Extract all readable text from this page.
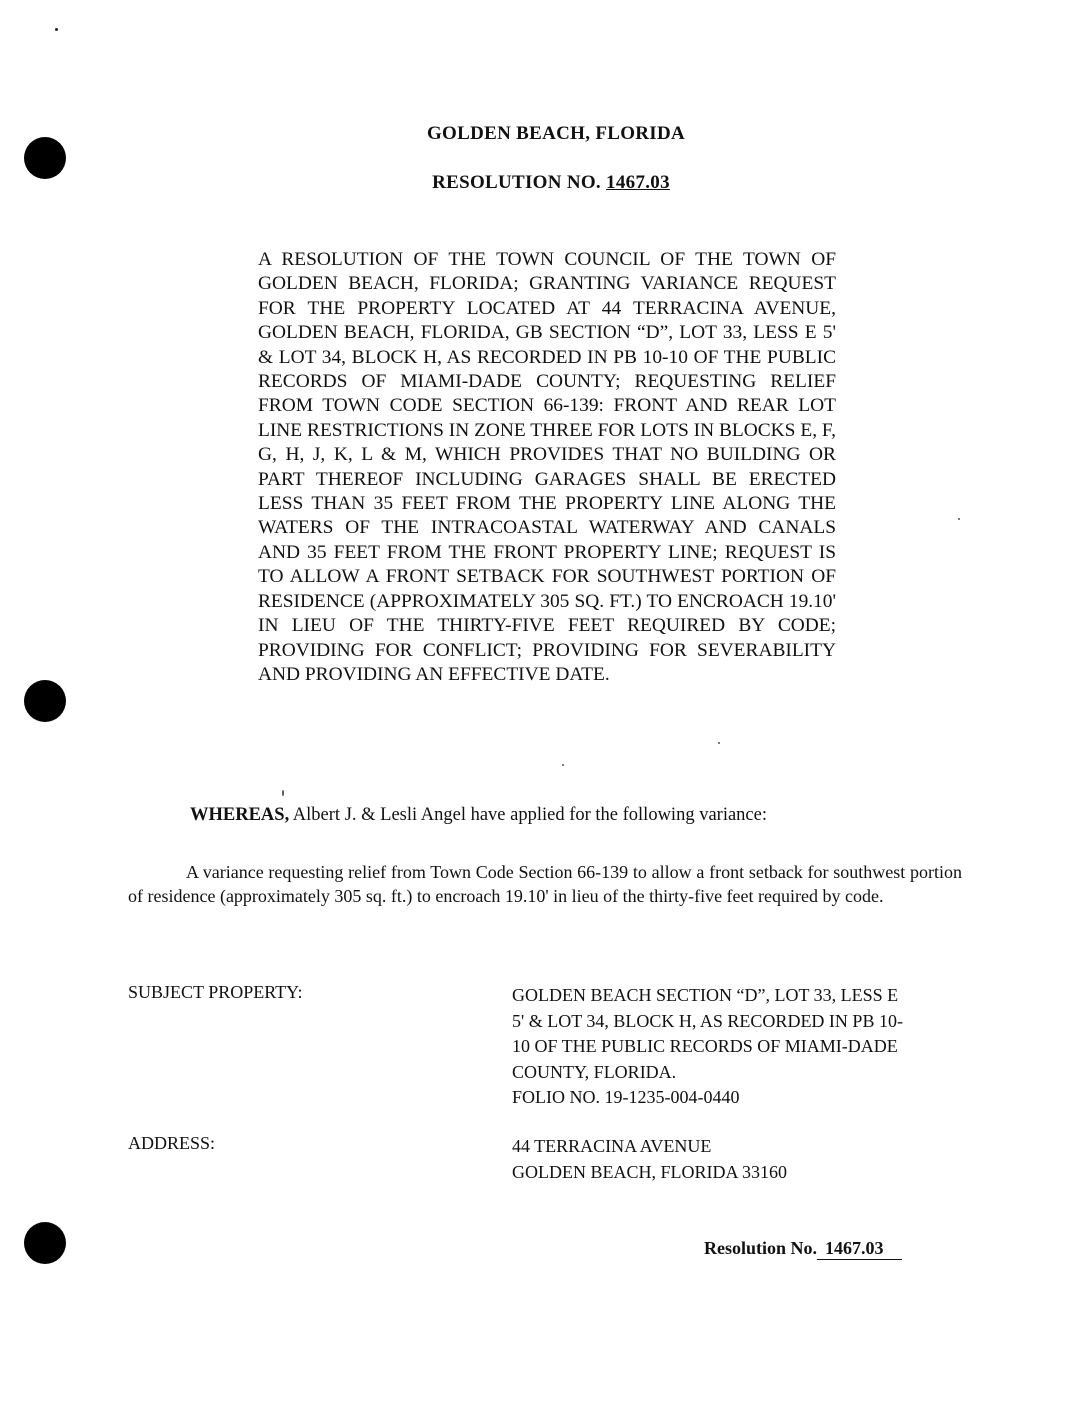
GOLDEN BEACH, FLORIDA
RESOLUTION NO. 1467.03
A RESOLUTION OF THE TOWN COUNCIL OF THE TOWN OF GOLDEN BEACH, FLORIDA; GRANTING VARIANCE REQUEST FOR THE PROPERTY LOCATED AT 44 TERRACINA AVENUE, GOLDEN BEACH, FLORIDA, GB SECTION “D”, LOT 33, LESS E 5' & LOT 34, BLOCK H, AS RECORDED IN PB 10-10 OF THE PUBLIC RECORDS OF MIAMI-DADE COUNTY; REQUESTING RELIEF FROM TOWN CODE SECTION 66-139: FRONT AND REAR LOT LINE RESTRICTIONS IN ZONE THREE FOR LOTS IN BLOCKS E, F, G, H, J, K, L & M, WHICH PROVIDES THAT NO BUILDING OR PART THEREOF INCLUDING GARAGES SHALL BE ERECTED LESS THAN 35 FEET FROM THE PROPERTY LINE ALONG THE WATERS OF THE INTRACOASTAL WATERWAY AND CANALS AND 35 FEET FROM THE FRONT PROPERTY LINE; REQUEST IS TO ALLOW A FRONT SETBACK FOR SOUTHWEST PORTION OF RESIDENCE (APPROXIMATELY 305 SQ. FT.) TO ENCROACH 19.10' IN LIEU OF THE THIRTY-FIVE FEET REQUIRED BY CODE; PROVIDING FOR CONFLICT; PROVIDING FOR SEVERABILITY AND PROVIDING AN EFFECTIVE DATE.
WHEREAS, Albert J. & Lesli Angel have applied for the following variance:
A variance requesting relief from Town Code Section 66-139 to allow a front setback for southwest portion of residence (approximately 305 sq. ft.) to encroach 19.10' in lieu of the thirty-five feet required by code.
SUBJECT PROPERTY:	GOLDEN BEACH SECTION “D”, LOT 33, LESS E
5' & LOT 34, BLOCK H, AS RECORDED IN PB 10-
10 OF THE PUBLIC RECORDS OF MIAMI-DADE
COUNTY, FLORIDA.
FOLIO NO. 19-1235-004-0440
ADDRESS:	44 TERRACINA AVENUE
GOLDEN BEACH, FLORIDA 33160
Resolution No. 1467.03
